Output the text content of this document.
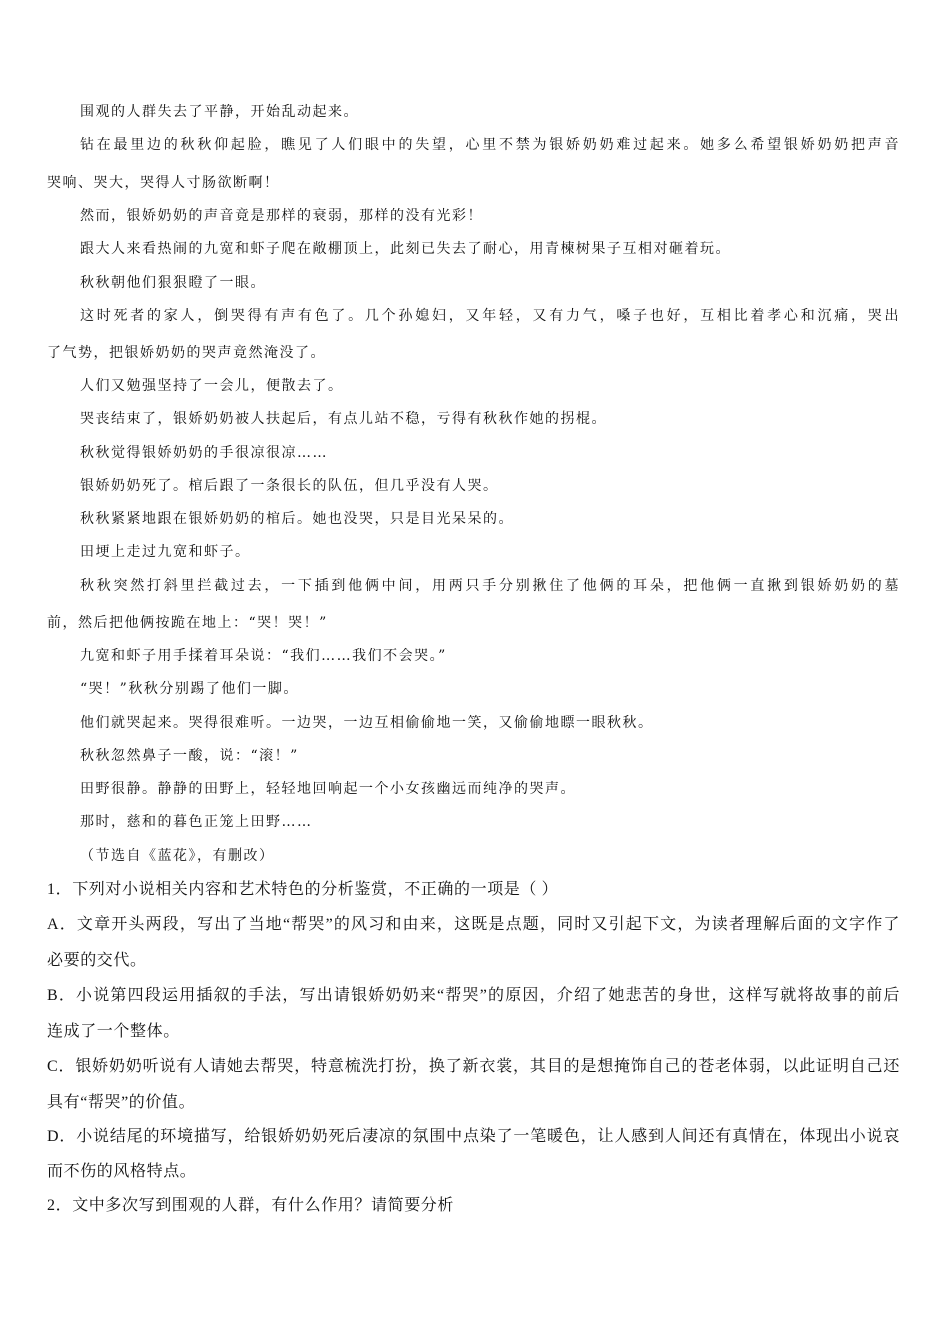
围观的人群失去了平静，开始乱动起来。
钻在最里边的秋秋仰起脸，瞧见了人们眼中的失望，心里不禁为银娇奶奶难过起来。她多么希望银娇奶奶把声音
哭响、哭大，哭得人寸肠欲断啊！
然而，银娇奶奶的声音竟是那样的衰弱，那样的没有光彩！
跟大人来看热闹的九宽和虾子爬在敞棚顶上，此刻已失去了耐心，用青楝树果子互相对砸着玩。
秋秋朝他们狠狠瞪了一眼。
这时死者的家人，倒哭得有声有色了。几个孙媳妇，又年轻，又有力气，嗓子也好，互相比着孝心和沉痛，哭出
了气势，把银娇奶奶的哭声竟然淹没了。
人们又勉强坚持了一会儿，便散去了。
哭丧结束了，银娇奶奶被人扶起后，有点儿站不稳，亏得有秋秋作她的拐棍。
秋秋觉得银娇奶奶的手很凉很凉……
银娇奶奶死了。棺后跟了一条很长的队伍，但几乎没有人哭。
秋秋紧紧地跟在银娇奶奶的棺后。她也没哭，只是目光呆呆的。
田埂上走过九宽和虾子。
秋秋突然打斜里拦截过去，一下插到他俩中间，用两只手分别揪住了他俩的耳朵，把他俩一直揪到银娇奶奶的墓
前，然后把他俩按跪在地上：“哭！哭！”
九宽和虾子用手揉着耳朵说：“我们……我们不会哭。”
“哭！”秋秋分别踢了他们一脚。
他们就哭起来。哭得很难听。一边哭，一边互相偷偷地一笑，又偷偷地瞟一眼秋秋。
秋秋忽然鼻子一酸，说：“滚！”
田野很静。静静的田野上，轻轻地回响起一个小女孩幽远而纯净的哭声。
那时，慈和的暮色正笼上田野……
（节选自《蓝花》，有删改）
1．下列对小说相关内容和艺术特色的分析鉴赏，不正确的一项是（ ）
A．文章开头两段，写出了当地“帮哭”的风习和由来，这既是点题，同时又引起下文，为读者理解后面的文字作了
必要的交代。
B．小说第四段运用插叙的手法，写出请银娇奶奶来“帮哭”的原因，介绍了她悲苦的身世，这样写就将故事的前后
连成了一个整体。
C．银娇奶奶听说有人请她去帮哭，特意梳洗打扮，换了新衣裳，其目的是想掩饰自己的苍老体弱，以此证明自己还
具有“帮哭”的价值。
D．小说结尾的环境描写，给银娇奶奶死后凄凉的氛围中点染了一笔暖色，让人感到人间还有真情在，体现出小说哀
而不伤的风格特点。
2．文中多次写到围观的人群，有什么作用？请简要分析
